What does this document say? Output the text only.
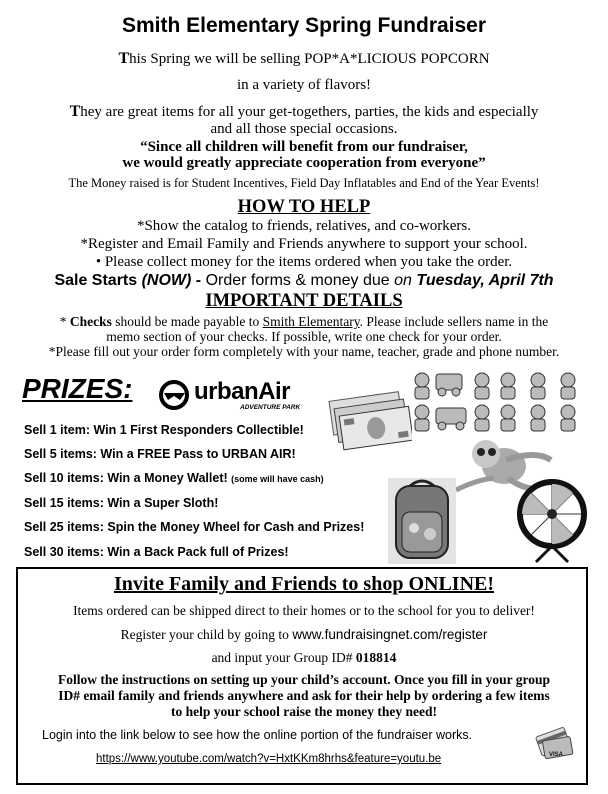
Smith Elementary Spring Fundraiser
This Spring we will be selling POP*A*LICIOUS POPCORN
in a variety of flavors!
They are great items for all your get-togethers, parties, the kids and especially
and all those special occasions.
“Since all children will benefit from our fundraiser,
we would greatly appreciate cooperation from everyone”
The Money raised is for Student Incentives, Field Day Inflatables and End of the Year Events!
HOW TO HELP
*Show the catalog to friends, relatives, and co-workers.
*Register and Email Family and Friends anywhere to support your school.
• Please collect money for the items ordered when you take the order.
Sale Starts (NOW) - Order forms & money due on Tuesday, April 7th
IMPORTANT DETAILS
* Checks should be made payable to Smith Elementary. Please include sellers name in the
memo section of your checks. If possible, write one check for your order.
*Please fill out your order form completely with your name, teacher, grade and phone number.
PRIZES:	urbanAir
ADVENTURE PARK
Sell 1 item: Win 1 First Responders Collectible!
Sell 5 items: Win a FREE Pass to URBAN AIR!
Sell 10 items: Win a Money Wallet! (some will have cash)
Sell 15 items: Win a Super Sloth!
Sell 25 items: Spin the Money Wheel for Cash and Prizes!
Sell 30 items: Win a Back Pack full of Prizes!
Invite Family and Friends to shop ONLINE!
Items ordered can be shipped direct to their homes or to the school for you to deliver!
Register your child by going to www.fundraisingnet.com/register
and input your Group ID# 018814
Follow the instructions on setting up your child’s account. Once you fill in your group
ID# email family and friends anywhere and ask for their help by ordering a few items
to help your school raise the money they need!
Login into the link below to see how the online portion of the fundraiser works.
https://www.youtube.com/watch?v=HxtKKm8hrhs&feature=youtu.be	VISA
